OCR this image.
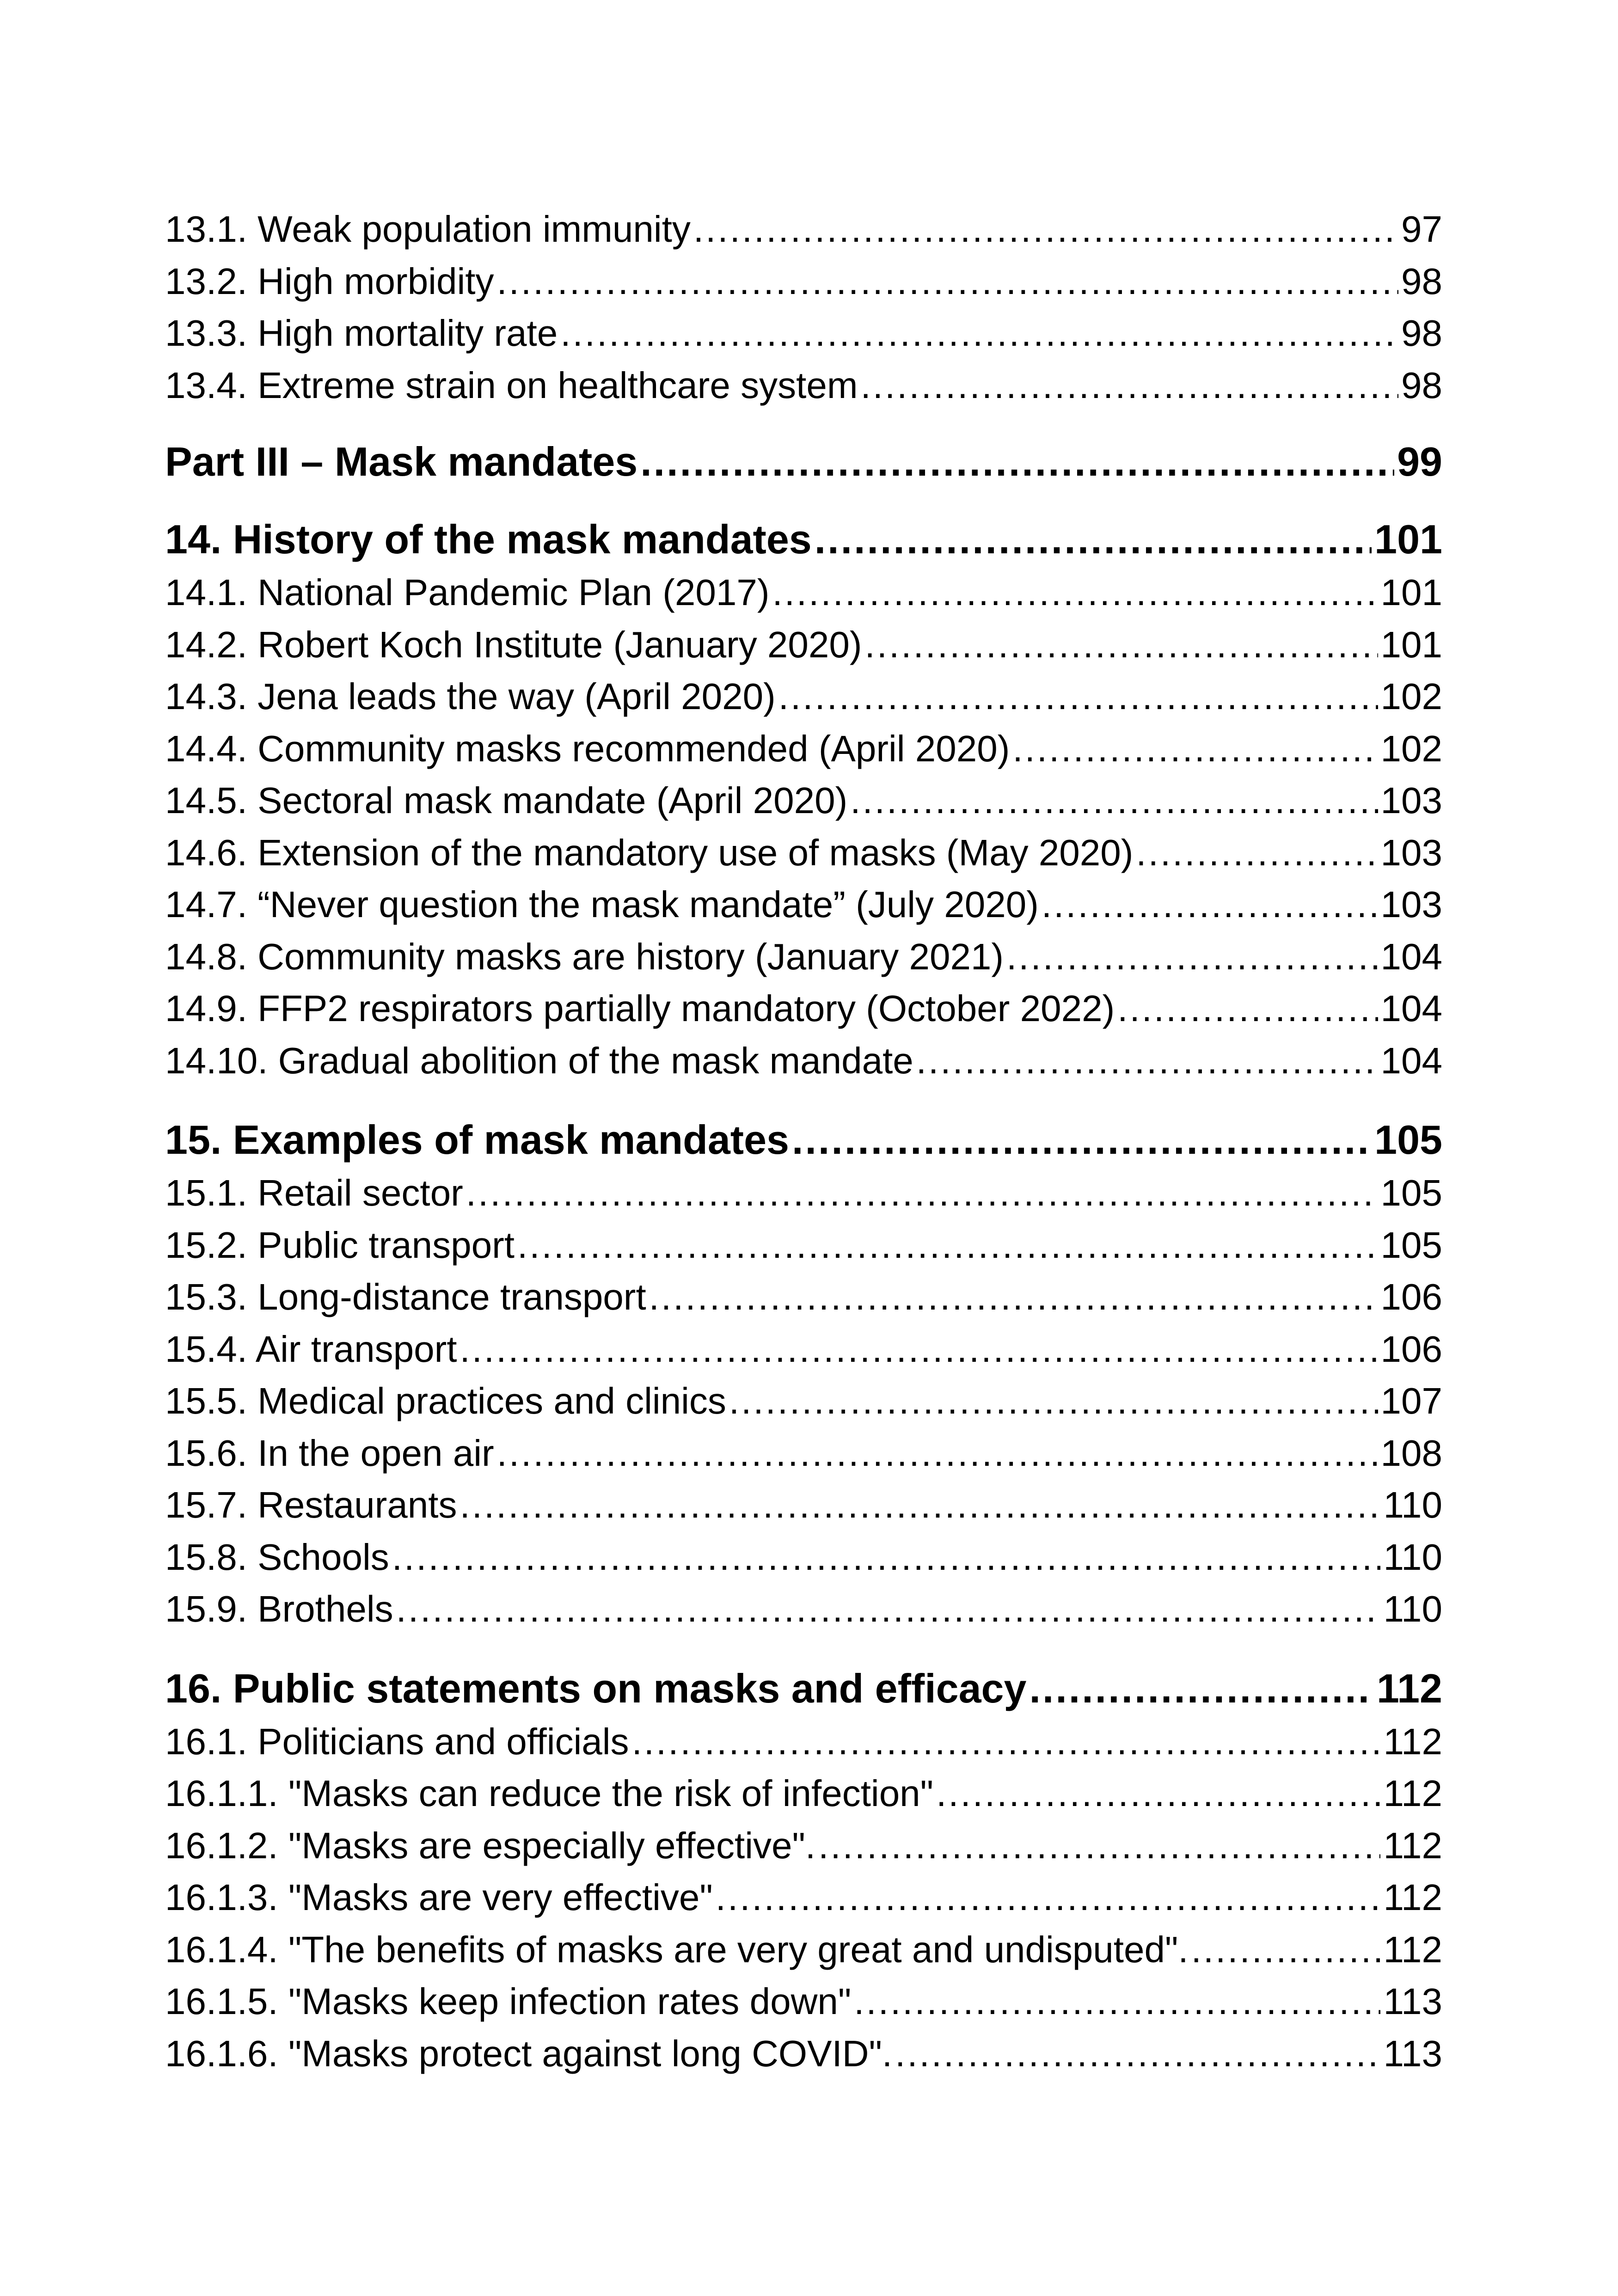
13.1. Weak population immunity .....	97
13.2. High morbidity .....	98
13.3. High mortality rate .....	98
13.4. Extreme strain on healthcare system .....	98
Part III – Mask mandates .....	99
14. History of the mask mandates .....	101
14.1. National Pandemic Plan (2017) .....	101
14.2. Robert Koch Institute (January 2020) .....	101
14.3. Jena leads the way (April 2020) .....	102
14.4. Community masks recommended (April 2020) .....	102
14.5. Sectoral mask mandate (April 2020) .....	103
14.6. Extension of the mandatory use of masks (May 2020) .....	103
14.7. “Never question the mask mandate” (July 2020) .....	103
14.8. Community masks are history (January 2021) .....	104
14.9. FFP2 respirators partially mandatory (October 2022) .....	104
14.10. Gradual abolition of the mask mandate .....	104
15. Examples of mask mandates .....	105
15.1. Retail sector .....	105
15.2. Public transport .....	105
15.3. Long-distance transport .....	106
15.4. Air transport .....	106
15.5. Medical practices and clinics .....	107
15.6. In the open air .....	108
15.7. Restaurants .....	110
15.8. Schools .....	110
15.9. Brothels .....	110
16. Public statements on masks and efficacy .....	112
16.1. Politicians and officials .....	112
16.1.1. "Masks can reduce the risk of infection" .....	112
16.1.2. "Masks are especially effective". .....	112
16.1.3. "Masks are very effective" .....	112
16.1.4. "The benefits of masks are very great and undisputed". .....	112
16.1.5. "Masks keep infection rates down" .....	113
16.1.6. "Masks protect against long COVID". .....	113
